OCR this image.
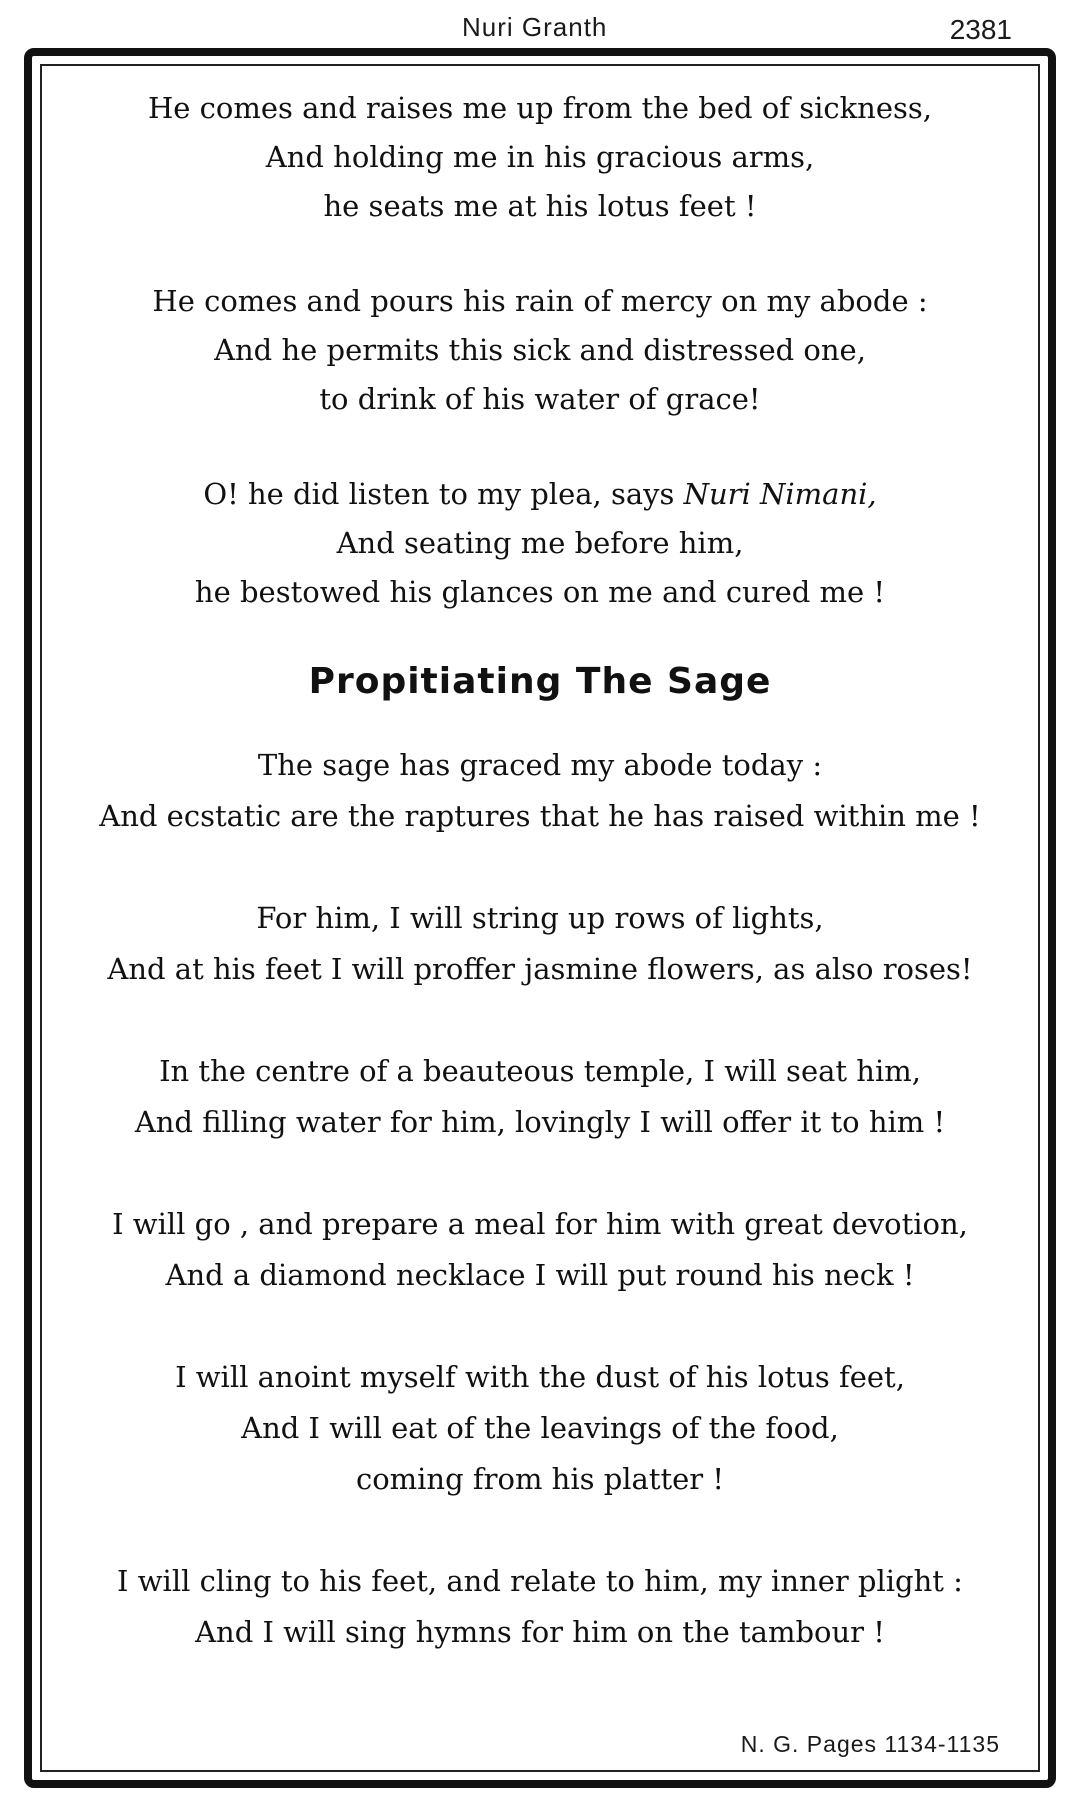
Nuri Granth	2381

He comes and raises me up from the bed of sickness,
And holding me in his gracious arms,
he seats me at his lotus feet !

He comes and pours his rain of mercy on my abode :
And he permits this sick and distressed one,
to drink of his water of grace!

O! he did listen to my plea, says Nuri Nimani,
And seating me before him,
he bestowed his glances on me and cured me !

Propitiating The Sage

The sage has graced my abode today :
And ecstatic are the raptures that he has raised within me !

For him, I will string up rows of lights,
And at his feet I will proffer jasmine flowers, as also roses!

In the centre of a beauteous temple, I will seat him,
And filling water for him, lovingly I will offer it to him !

I will go , and prepare a meal for him with great devotion,
And a diamond necklace I will put round his neck !

I will anoint myself with the dust of his lotus feet,
And I will eat of the leavings of the food,
coming from his platter !

I will cling to his feet, and relate to him, my inner plight :
And I will sing hymns for him on the tambour !

N. G. Pages 1134-1135
